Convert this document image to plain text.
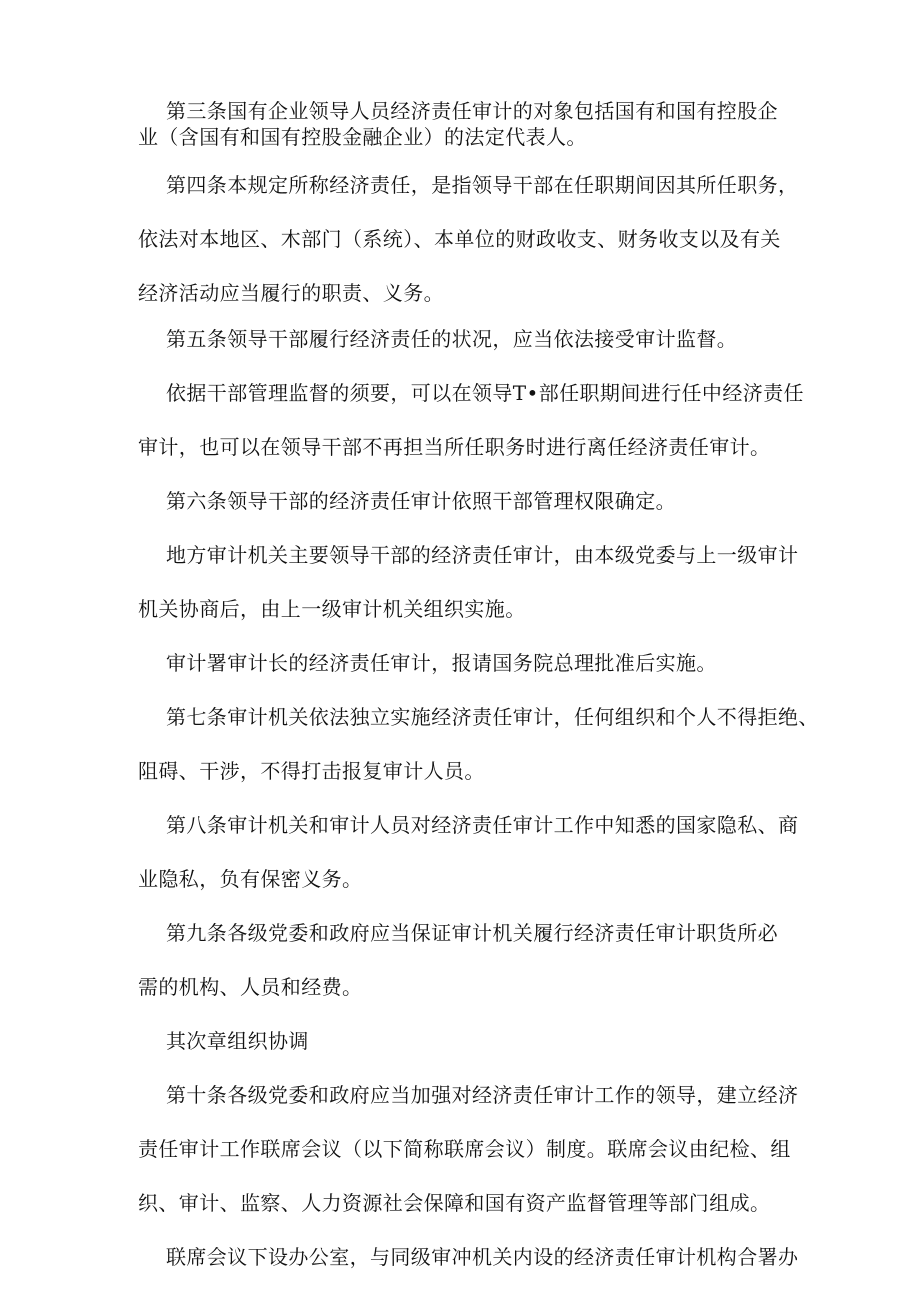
第三条国有企业领导人员经济责任审计的对象包括国有和国有控股企
业（含国有和国有控股金融企业）的法定代表人。
第四条本规定所称经济责任，是指领导干部在任职期间因其所任职务，
依法对本地区、木部门（系统）、本单位的财政收支、财务收支以及有关
经济活动应当履行的职责、义务。
第五条领导干部履行经济责任的状况，应当依法接受审计监督。
依据干部管理监督的须要，可以在领导T•部任职期间进行任中经济责任
审计，也可以在领导干部不再担当所任职务时进行离任经济责任审计。
第六条领导干部的经济责任审计依照干部管理权限确定。
地方审计机关主要领导干部的经济责任审计，由本级党委与上一级审计
机关协商后，由上一级审计机关组织实施。
审计署审计长的经济责任审计，报请国务院总理批准后实施。
第七条审计机关依法独立实施经济责任审计，任何组织和个人不得拒绝、
阻碍、干涉，不得打击报复审计人员。
第八条审计机关和审计人员对经济责任审计工作中知悉的国家隐私、商
业隐私，负有保密义务。
第九条各级党委和政府应当保证审计机关履行经济责任审计职货所必
需的机构、人员和经费。
其次章组织协调
第十条各级党委和政府应当加强对经济责任审计工作的领导，建立经济
责任审计工作联席会议（以下简称联席会议）制度。联席会议由纪检、组
织、审计、监察、人力资源社会保障和国有资产监督管理等部门组成。
联席会议下设办公室，与同级审冲机关内设的经济责任审计机构合署办
